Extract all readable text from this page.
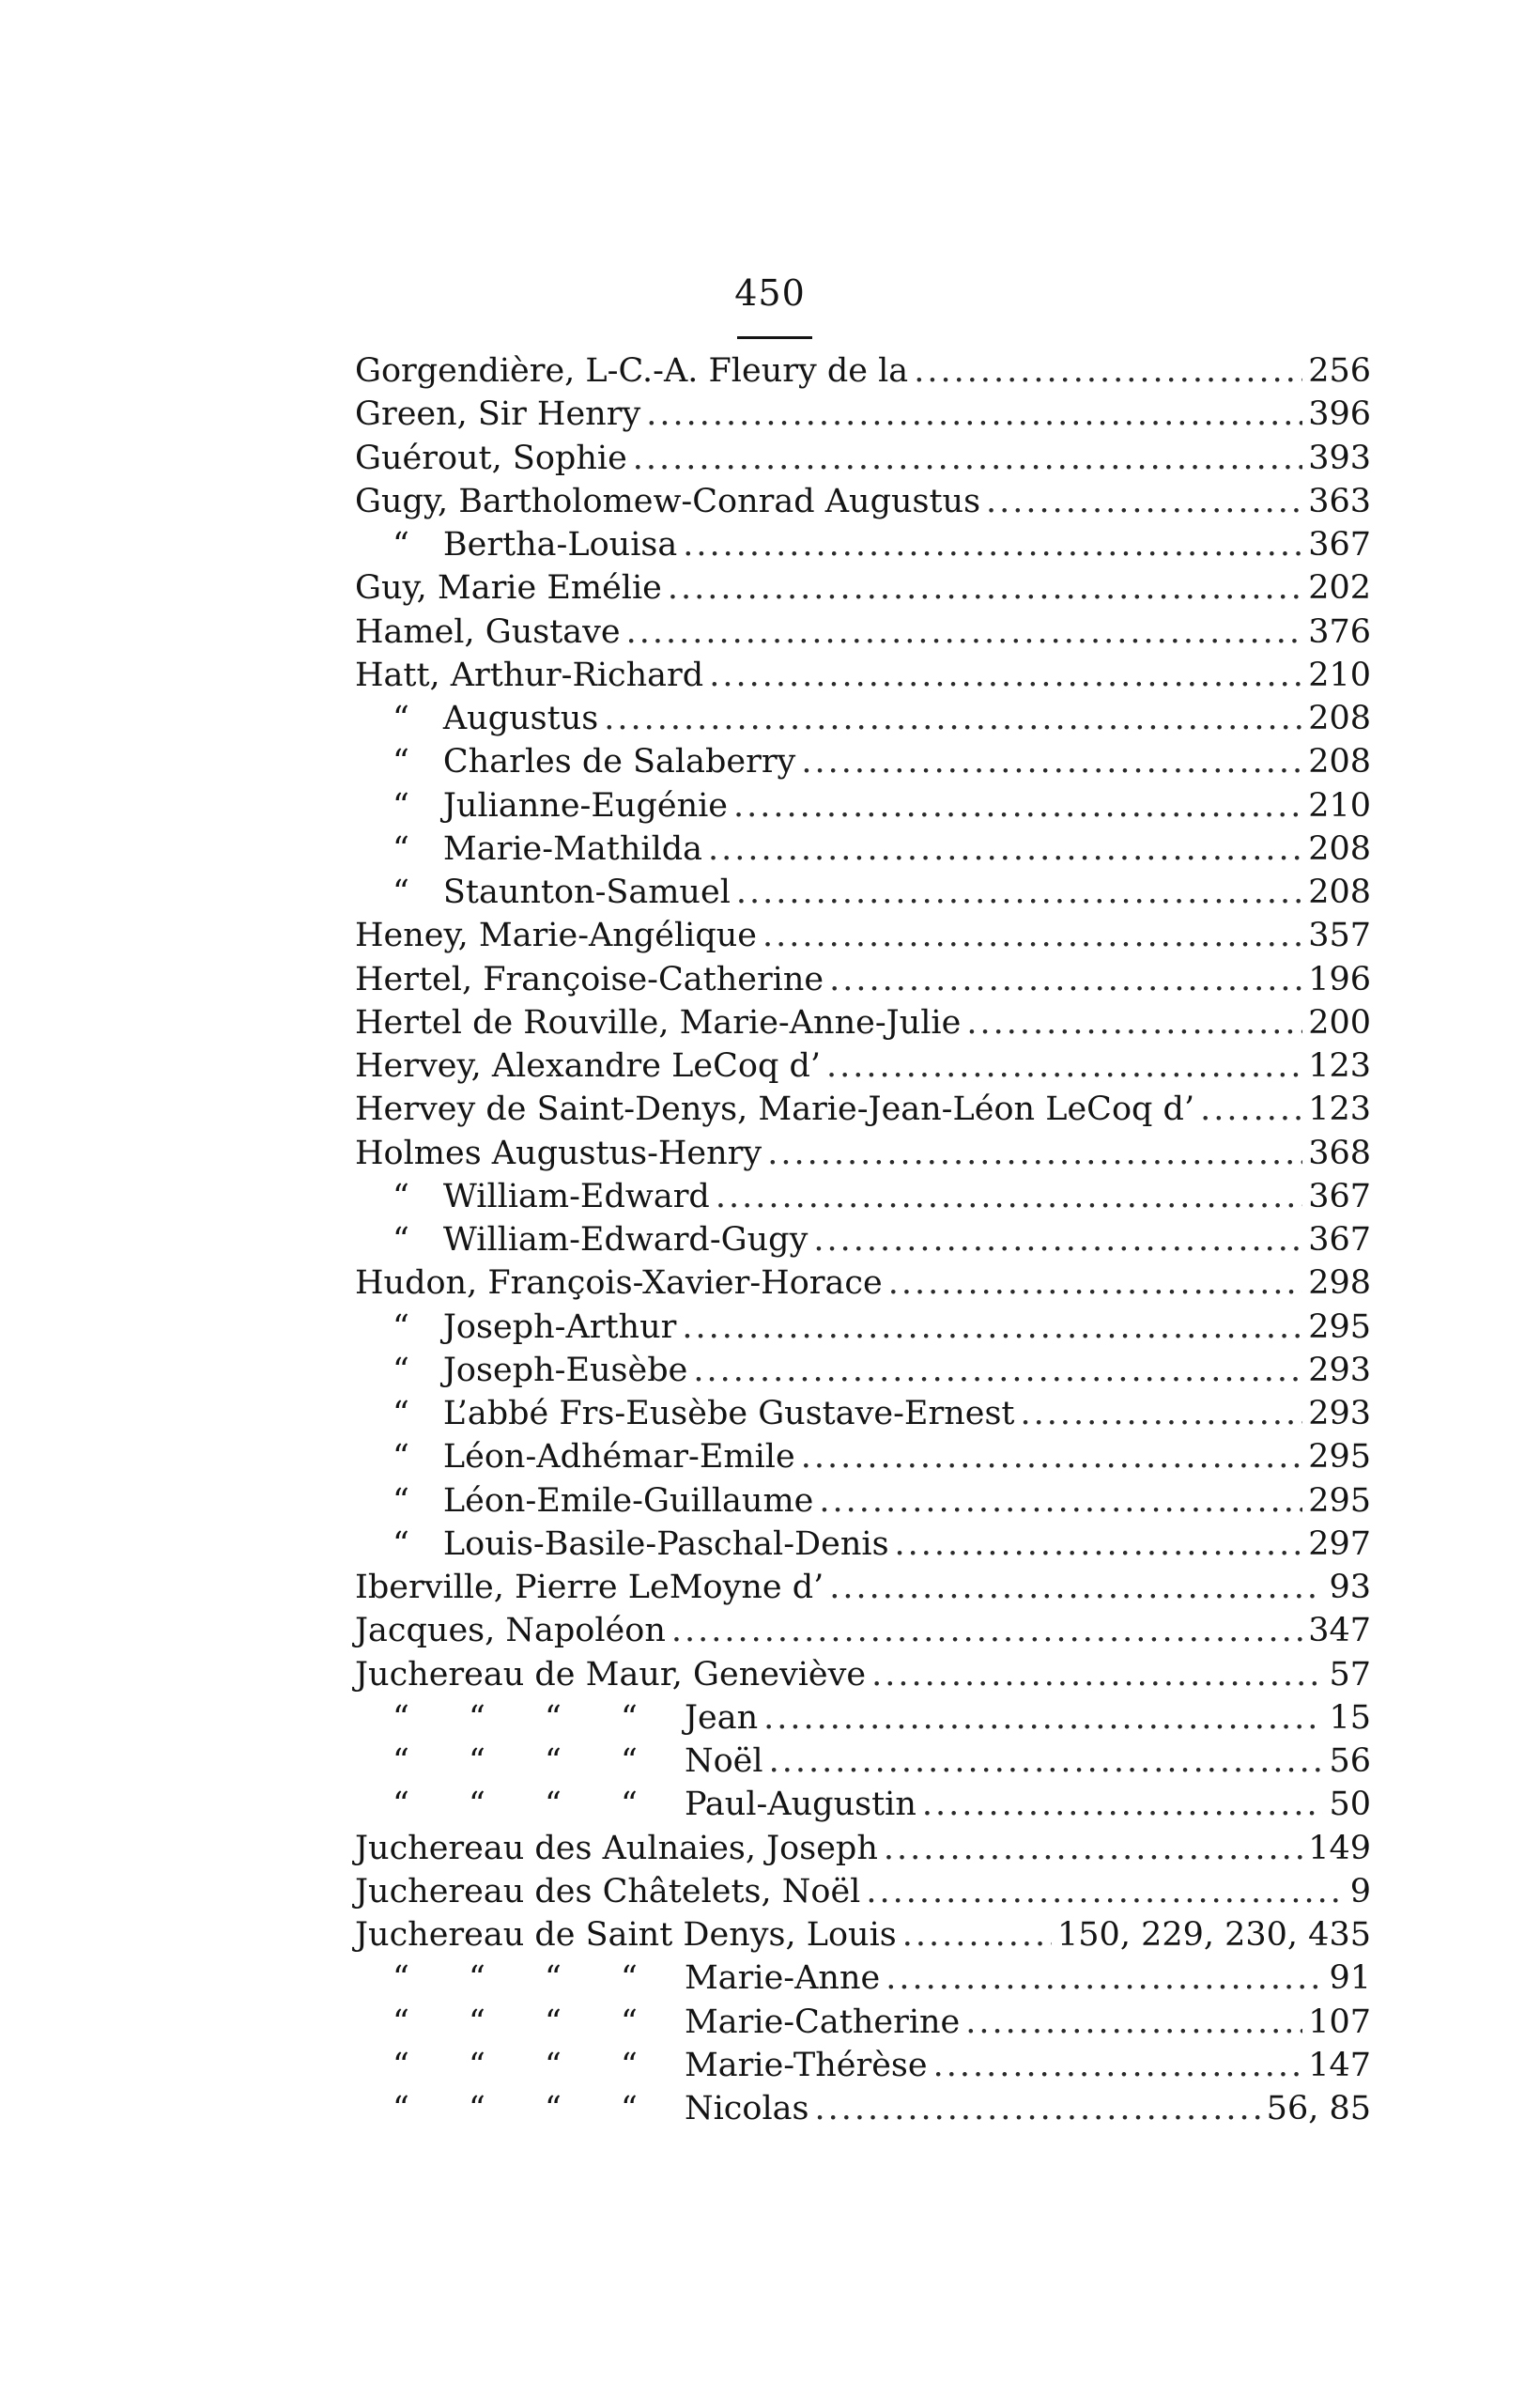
450
Gorgendière, L-C.-A. Fleury de la .....	256
Green, Sir Henry .....	396
Guérout, Sophie .....	393
Gugy, Bartholomew-Conrad Augustus .....	363
“ Bertha-Louisa .....	367
Guy, Marie Emélie .....	202
Hamel, Gustave .....	376
Hatt, Arthur-Richard .....	210
“ Augustus .....	208
“ Charles de Salaberry .....	208
“ Julianne-Eugénie .....	210
“ Marie-Mathilda .....	208
“ Staunton-Samuel .....	208
Heney, Marie-Angélique .....	357
Hertel, Françoise-Catherine .....	196
Hertel de Rouville, Marie-Anne-Julie .....	200
Hervey, Alexandre LeCoq d’ .....	123
Hervey de Saint-Denys, Marie-Jean-Léon LeCoq d’ .....	123
Holmes Augustus-Henry .....	368
“ William-Edward .....	367
“ William-Edward-Gugy .....	367
Hudon, François-Xavier-Horace .....	298
“ Joseph-Arthur .....	295
“ Joseph-Eusèbe .....	293
“ L’abbé Frs-Eusèbe Gustave-Ernest .....	293
“ Léon-Adhémar-Emile .....	295
“ Léon-Emile-Guillaume .....	295
“ Louis-Basile-Paschal-Denis .....	297
Iberville, Pierre LeMoyne d’ .....	93
Jacques, Napoléon .....	347
Juchereau de Maur, Geneviève .....	57
“ “ “ “ Jean .....	15
“ “ “ “ Noël .....	56
“ “ “ “ Paul-Augustin .....	50
Juchereau des Aulnaies, Joseph .....	149
Juchereau des Châtelets, Noël .....	9
Juchereau de Saint Denys, Louis .....	150, 229, 230, 435
“ “ “ “ Marie-Anne .....	91
“ “ “ “ Marie-Catherine .....	107
“ “ “ “ Marie-Thérèse .....	147
“ “ “ “ Nicolas .....	56, 85
